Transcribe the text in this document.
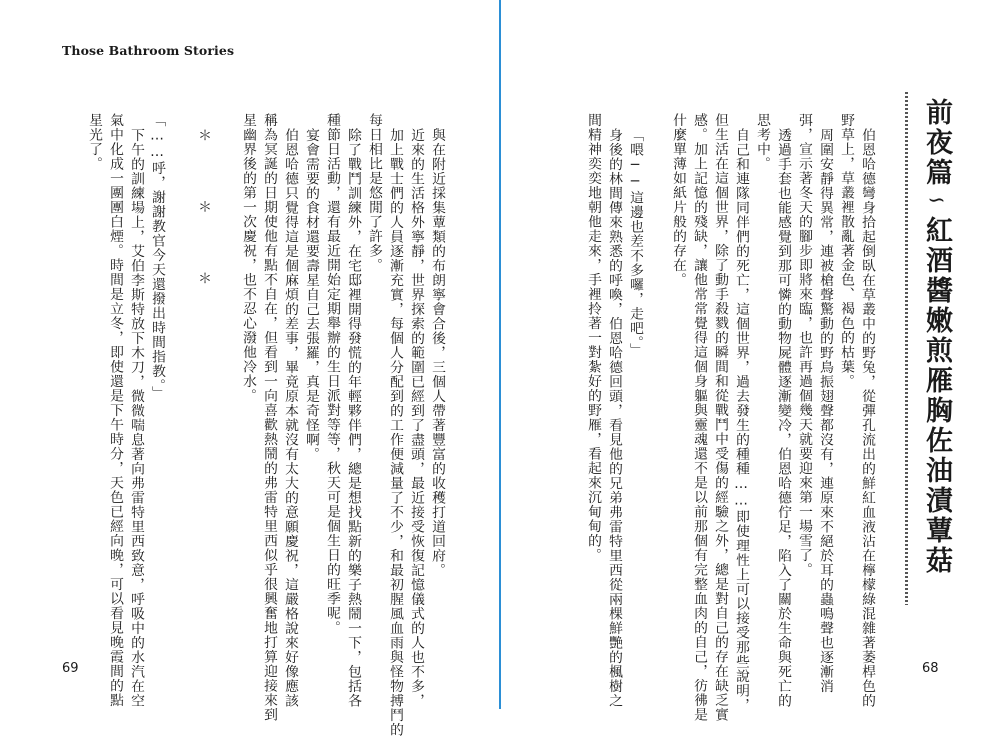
Those Bathroom Stories
與在附近採集蕈類的布朗寧會合後，三個人帶著豐富的收穫打道回府。
近來的生活格外寧靜，世界探索的範圍已經到了盡頭，最近接受恢復記憶儀式的人也不多，
加上戰士們的人員逐漸充實，每個人分配到的工作便減量了不少，和最初腥風血雨與怪物搏鬥的
每日相比是悠閒了許多。
除了戰鬥訓練外，在宅邸裡開得發慌的年輕夥伴們，總是想找點新的樂子熱鬧一下，包括各
種節日活動，還有最近開始定期舉辦的生日派對等等，秋天可是個生日的旺季呢。
宴會需要的食材還要壽星自己去張羅，真是奇怪啊。
伯恩哈德只覺得這是個麻煩的差事，畢竟原本就沒有太大的意願慶祝，這嚴格說來好像應該
稱為冥誕的日期使他有點不自在，但看到一向喜歡熱鬧的弗雷特里西似乎很興奮地打算迎接來到
星幽界後的第一次慶祝，也不忍心潑他冷水。
＊　　＊　　＊
「……呼，謝謝教官今天還撥出時間指教。」
下午的訓練場上，艾伯李斯特放下木刀，微微喘息著向弗雷特里西致意，呼吸中的水汽在空
氣中化成一團團白煙。時間是立冬，即使還是下午時分，天色已經向晚，可以看見晚霞間的點
星光了。
69
前夜篇∽紅酒醬嫩煎雁胸佐油漬蕈菇
伯恩哈德彎身拾起倒臥在草叢中的野兔，從彈孔流出的鮮紅血液沾在檸檬綠混雜著萎桿色的
野草上，草叢裡散亂著金色、褐色的枯葉。
周圍安靜得異常，連被槍聲驚動的野鳥振翅聲都沒有，連原來不絕於耳的蟲鳴聲也逐漸消
弭，宣示著冬天的腳步即將來臨，也許再過個幾天就要迎來第一場雪了。
透過手套也能感覺到那可憐的動物屍體逐漸變冷，伯恩哈德佇足，陷入了關於生命與死亡的
思考中。
自己和連隊同伴們的死亡，這個世界，過去發生的種種……即使理性上可以接受那些說明，
但生活在這個世界，除了動手殺戮的瞬間和從戰鬥中受傷的經驗之外，總是對自己的存在缺乏實
感。加上記憶的殘缺，讓他常常覺得這個身軀與靈魂還不是以前那個有完整血肉的自己，彷彿是
什麼單薄如紙片般的存在。
「喂──這邊也差不多囉，走吧。」
身後的林間傳來熟悉的呼喚，伯恩哈德回頭，看見他的兄弟弗雷特里西從兩棵鮮艷的楓樹之
間精神奕奕地朝他走來，手裡拎著一對紮好的野雁，看起來沉甸甸的。
68
